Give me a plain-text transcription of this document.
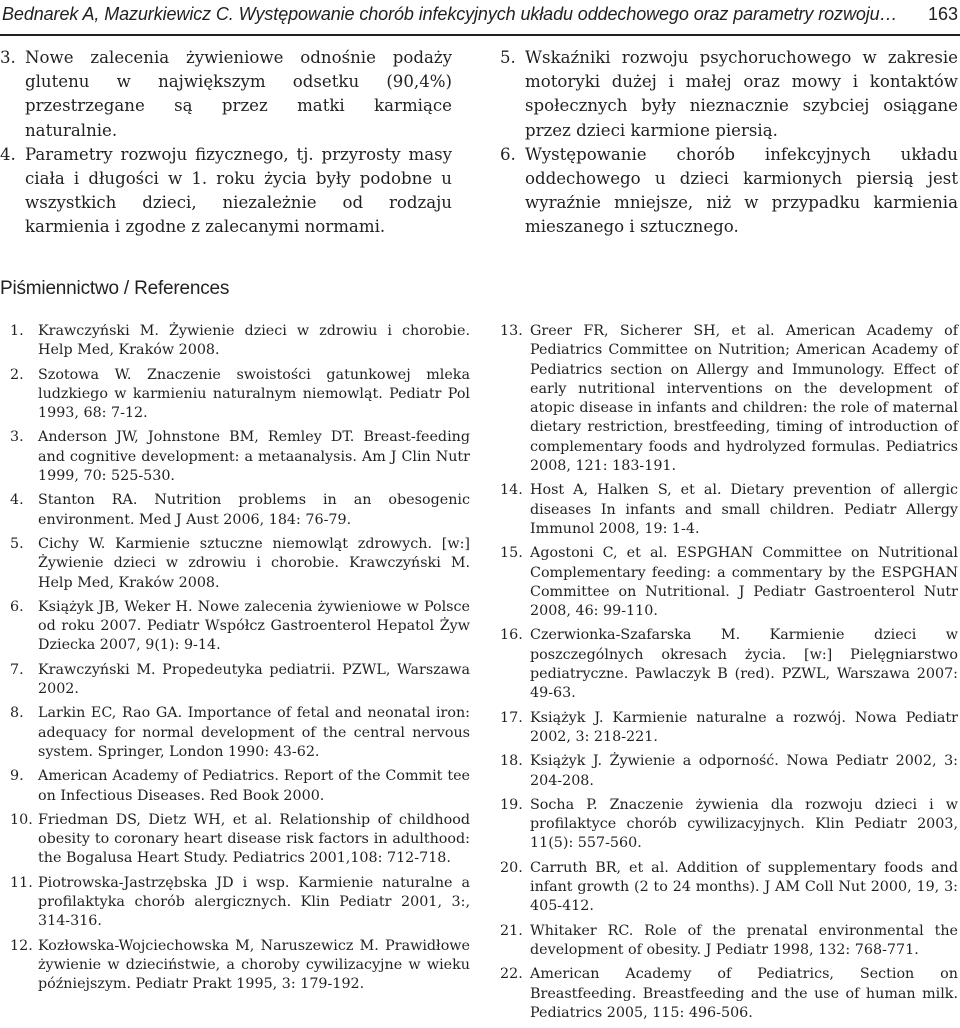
Bednarek A, Mazurkiewicz C. Występowanie chorób infekcyjnych układu oddechowego oraz parametry rozwoju… 163
3. Nowe zalecenia żywieniowe odnośnie podaży glutenu w największym odsetku (90,4%) przestrzegane są przez matki karmiące naturalnie.
4. Parametry rozwoju fizycznego, tj. przyrosty masy ciała i długości w 1. roku życia były podobne u wszystkich dzieci, niezależnie od rodzaju karmienia i zgodne z zalecanymi normami.
5. Wskaźniki rozwoju psychoruchowego w zakresie motoryki dużej i małej oraz mowy i kontaktów społecznych były nieznacznie szybciej osiągane przez dzieci karmione piersią.
6. Występowanie chorób infekcyjnych układu oddechowego u dzieci karmionych piersią jest wyraźnie mniejsze, niż w przypadku karmienia mieszanego i sztucznego.
Piśmiennictwo / References
1.	Krawczyński M. Żywienie dzieci w zdrowiu i chorobie. Help Med, Kraków 2008.
2.	Szotowa W. Znaczenie swoistości gatunkowej mleka ludzkiego w karmieniu naturalnym niemowląt. Pediatr Pol 1993, 68: 7-12.
3.	Anderson JW, Johnstone BM, Remley DT. Breast-feeding and cognitive development: a metaanalysis. Am J Clin Nutr 1999, 70: 525-530.
4.	Stanton RA. Nutrition problems in an obesogenic environment. Med J Aust 2006, 184: 76-79.
5.	Cichy W. Karmienie sztuczne niemowląt zdrowych. [w:] Żywienie dzieci w zdrowiu i chorobie. Krawczyński M. Help Med, Kraków 2008.
6.	Książyk JB, Weker H. Nowe zalecenia żywieniowe w Polsce od roku 2007. Pediatr Współcz Gastroenterol Hepatol Żyw Dziecka 2007, 9(1): 9-14.
7.	Krawczyński M. Propedeutyka pediatrii. PZWL, Warszawa 2002.
8.	Larkin EC, Rao GA. Importance of fetal and neonatal iron: adequacy for normal development of the central nervous system. Springer, London 1990: 43-62.
9.	American Academy of Pediatrics. Report of the Commit tee on Infectious Diseases. Red Book 2000.
10. Friedman DS, Dietz WH, et al. Relationship of childhood obesity to coronary heart disease risk factors in adulthood: the Bogalusa Heart Study. Pediatrics 2001,108: 712-718.
11. Piotrowska-Jastrzębska JD i wsp. Karmienie naturalne a profilaktyka chorób alergicznych. Klin Pediatr 2001, 3:, 314-316.
12. Kozłowska-Wojciechowska M, Naruszewicz M. Prawidłowe żywienie w dzieciństwie, a choroby cywilizacyjne w wieku późniejszym. Pediatr Prakt 1995, 3: 179-192.
13. Greer FR, Sicherer SH, et al. American Academy of Pediatrics Committee on Nutrition; American Academy of Pediatrics section on Allergy and Immunology. Effect of early nutritional interventions on the development of atopic disease in infants and children: the role of maternal dietary restriction, brestfeeding, timing of introduction of complementary foods and hydrolyzed formulas. Pediatrics 2008, 121: 183-191.
14. Host A, Halken S, et al. Dietary prevention of allergic diseases In infants and small children. Pediatr Allergy Immunol 2008, 19: 1-4.
15. Agostoni C, et al. ESPGHAN Committee on Nutritional Complementary feeding: a commentary by the ESPGHAN Committee on Nutritional. J Pediatr Gastroenterol Nutr 2008, 46: 99-110.
16. Czerwionka-Szafarska M. Karmienie dzieci w poszczególnych okresach życia. [w:] Pielęgniarstwo pediatryczne. Pawlaczyk B (red). PZWL, Warszawa 2007: 49-63.
17. Książyk J. Karmienie naturalne a rozwój. Nowa Pediatr 2002, 3: 218-221.
18. Książyk J. Żywienie a odporność. Nowa Pediatr 2002, 3: 204-208.
19. Socha P. Znaczenie żywienia dla rozwoju dzieci i w profilaktyce chorób cywilizacyjnych. Klin Pediatr 2003, 11(5): 557-560.
20. Carruth BR, et al. Addition of supplementary foods and infant growth (2 to 24 months). J AM Coll Nut 2000, 19, 3: 405-412.
21. Whitaker RC. Role of the prenatal environmental the development of obesity. J Pediatr 1998, 132: 768-771.
22. American Academy of Pediatrics, Section on Breastfeeding. Breastfeeding and the use of human milk. Pediatrics 2005, 115: 496-506.
